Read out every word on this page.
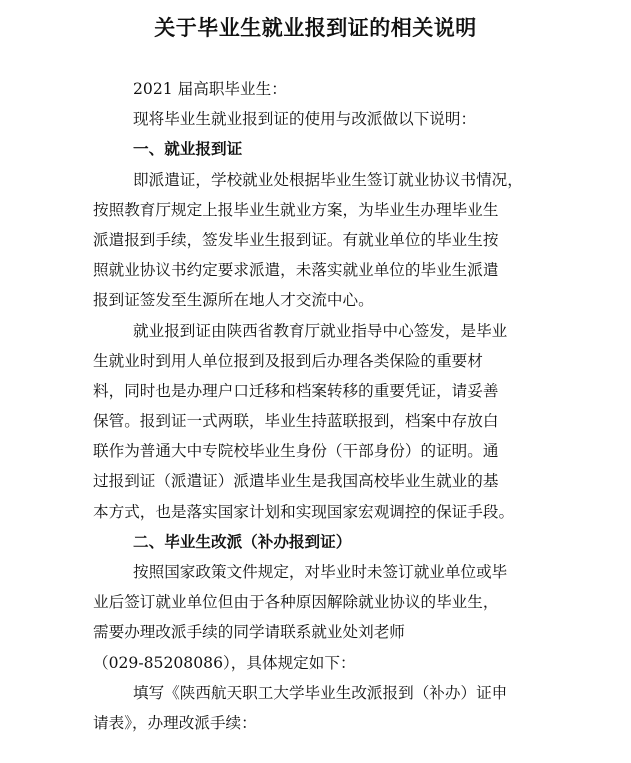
关于毕业生就业报到证的相关说明
2021 届高职毕业生：
现将毕业生就业报到证的使用与改派做以下说明：
一、就业报到证
即派遣证，学校就业处根据毕业生签订就业协议书情况，
按照教育厅规定上报毕业生就业方案，为毕业生办理毕业生
派遣报到手续，签发毕业生报到证。有就业单位的毕业生按
照就业协议书约定要求派遣，未落实就业单位的毕业生派遣
报到证签发至生源所在地人才交流中心。
就业报到证由陕西省教育厅就业指导中心签发，是毕业
生就业时到用人单位报到及报到后办理各类保险的重要材
料，同时也是办理户口迁移和档案转移的重要凭证，请妥善
保管。报到证一式两联，毕业生持蓝联报到，档案中存放白
联作为普通大中专院校毕业生身份（干部身份）的证明。通
过报到证（派遣证）派遣毕业生是我国高校毕业生就业的基
本方式，也是落实国家计划和实现国家宏观调控的保证手段。
二、毕业生改派（补办报到证）
按照国家政策文件规定，对毕业时未签订就业单位或毕
业后签订就业单位但由于各种原因解除就业协议的毕业生，
需要办理改派手续的同学请联系就业处刘老师
（029-85208086），具体规定如下：
填写《陕西航天职工大学毕业生改派报到（补办）证申
请表》，办理改派手续：
